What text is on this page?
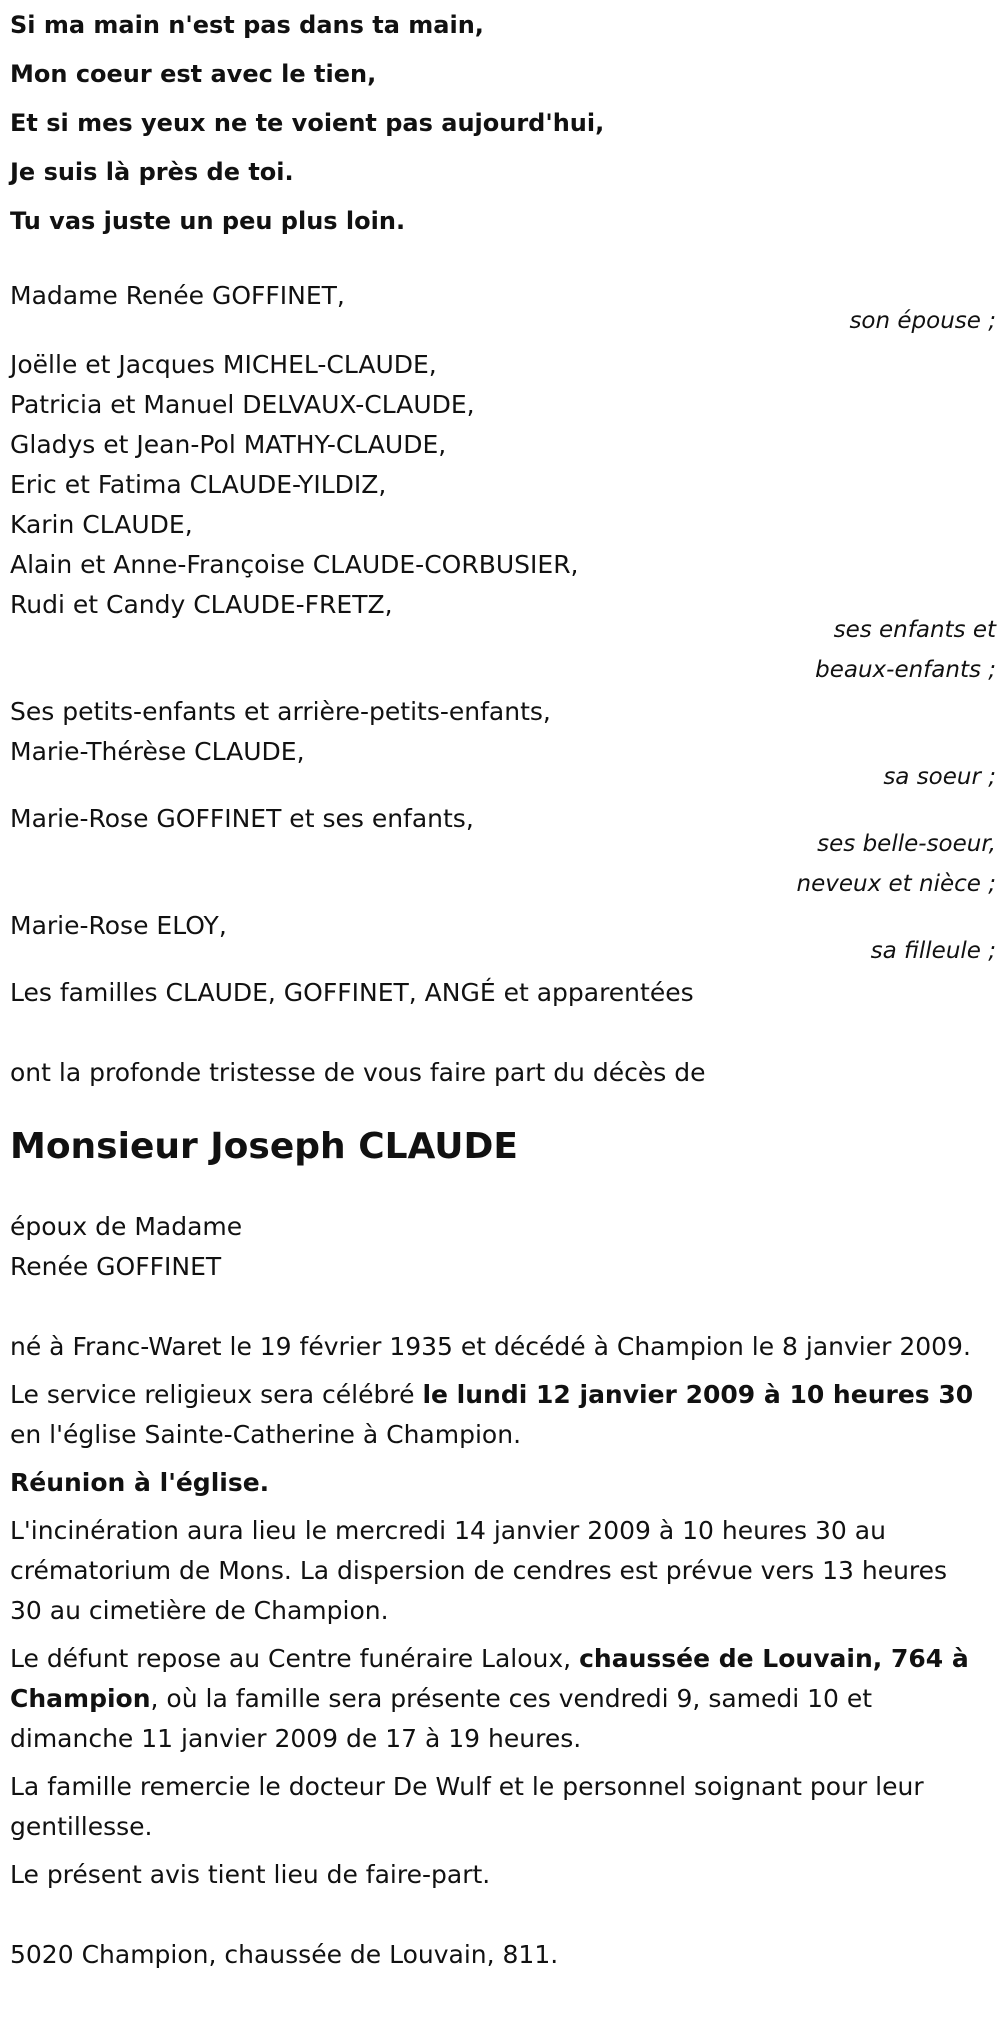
Si ma main n'est pas dans ta main,

Mon coeur est avec le tien,

Et si mes yeux ne te voient pas aujourd'hui,

Je suis là près de toi.

Tu vas juste un peu plus loin.

Madame Renée GOFFINET,

son épouse ;

Joëlle et Jacques MICHEL-CLAUDE,

Patricia et Manuel DELVAUX-CLAUDE,

Gladys et Jean-Pol MATHY-CLAUDE,

Eric et Fatima CLAUDE-YILDIZ,

Karin CLAUDE,

Alain et Anne-Françoise CLAUDE-CORBUSIER,

Rudi et Candy CLAUDE-FRETZ,

ses enfants et

beaux-enfants ;

Ses petits-enfants et arrière-petits-enfants,

Marie-Thérèse CLAUDE,

sa soeur ;

Marie-Rose GOFFINET et ses enfants,

ses belle-soeur,

neveux et nièce ;

Marie-Rose ELOY,

sa filleule ;

Les familles CLAUDE, GOFFINET, ANGÉ et apparentées

ont la profonde tristesse de vous faire part du décès de

Monsieur Joseph CLAUDE

époux de Madame

Renée GOFFINET

né à Franc-Waret le 19 février 1935 et décédé à Champion le 8 janvier 2009.

Le service religieux sera célébré le lundi 12 janvier 2009 à 10 heures 30 en l'église Sainte-Catherine à Champion.

Réunion à l'église.

L'incinération aura lieu le mercredi 14 janvier 2009 à 10 heures 30 au crématorium de Mons. La dispersion de cendres est prévue vers 13 heures 30 au cimetière de Champion.

Le défunt repose au Centre funéraire Laloux, chaussée de Louvain, 764 à Champion, où la famille sera présente ces vendredi 9, samedi 10 et dimanche 11 janvier 2009 de 17 à 19 heures.

La famille remercie le docteur De Wulf et le personnel soignant pour leur gentillesse.

Le présent avis tient lieu de faire-part.

5020 Champion, chaussée de Louvain, 811.
